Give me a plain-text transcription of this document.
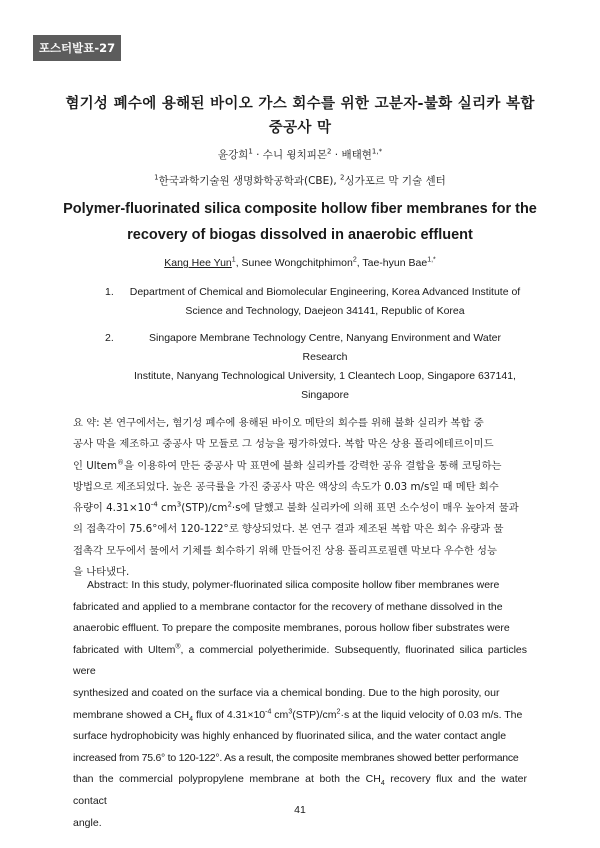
포스터발표-27
혐기성 폐수에 용해된 바이오 가스 회수를 위한 고분자-불화 실리카 복합
중공사 막
윤강희$^1$ · 수니 윙치피몬$^2$ · 배태현$^{1,*}$
$^1$한국과학기술원 생명화학공학과(CBE), $^2$싱가포르 막 기술 센터
Polymer-fluorinated silica composite hollow fiber membranes for the
recovery of biogas dissolved in anaerobic effluent
Kang Hee Yun$^1$, Sunee Wongchitphimon$^2$, Tae-hyun Bae$^{1,*}$
1. Department of Chemical and Biomolecular Engineering, Korea Advanced Institute of
Science and Technology, Daejeon 34141, Republic of Korea
2.	Singapore Membrane Technology Centre, Nanyang Environment and Water Research
Institute, Nanyang Technological University, 1 Cleantech Loop, Singapore 637141,
Singapore
요 약: 본 연구에서는, 혐기성 폐수에 용해된 바이오 메탄의 회수를 위해 불화 실리카 복합 중
공사 막을 제조하고 중공사 막 모듈로 그 성능을 평가하였다. 복합 막은 상용 폴리에테르이미드
인 Ultem®을 이용하여 만든 중공사 막 표면에 불화 실리카를 강력한 공유 결합을 통해 코팅하는
방법으로 제조되었다. 높은 공극률을 가진 중공사 막은 액상의 속도가 0.03 m/s일 때 메탄 회수
유량이 $4.31\times 10^{-4}$ $cm^3(STP)/cm^2\cdot s$에 달했고 불화 실리카에 의해 표면 소수성이 매우 높아져 물과
의 접촉각이 75.6°에서 120-122°로 향상되었다. 본 연구 결과 제조된 복합 막은 회수 유량과 물
접촉각 모두에서 물에서 기체를 회수하기 위해 만들어진 상용 폴리프로필렌 막보다 우수한 성능
을 나타냈다.
Abstract: In this study, polymer-fluorinated silica composite hollow fiber membranes were
fabricated and applied to a membrane contactor for the recovery of methane dissolved in the
anaerobic effluent. To prepare the composite membranes, porous hollow fiber substrates were
fabricated with Ultem®, a commercial polyetherimide. Subsequently, fluorinated silica particles were
synthesized and coated on the surface via a chemical bonding. Due to the high porosity, our
membrane showed a $CH_4$ flux of $4.31\times 10^{-4}$ $cm^3(STP)/cm^2\cdot s$ at the liquid velocity of 0.03 m/s. The
surface hydrophobicity was highly enhanced by fluorinated silica, and the water contact angle
increased from 75.6° to 120-122°. As a result, the composite membranes showed better performance
than the commercial polypropylene membrane at both the $CH_4$ recovery flux and the water contact
angle.
41
